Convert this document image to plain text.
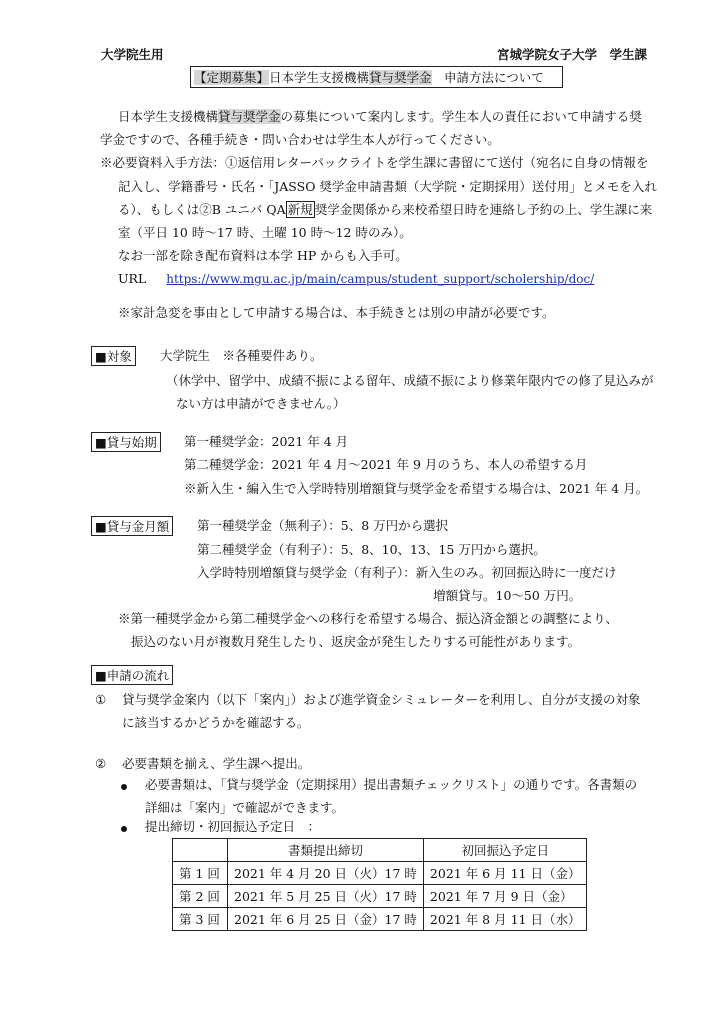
大学院生用	宮城学院女子大学　学生課
【定期募集】日本学生支援機構貸与奨学金　申請方法について
日本学生支援機構貸与奨学金の募集について案内します。学生本人の責任において申請する奨
学金ですので、各種手続き・問い合わせは学生本人が行ってください。
※必要資料入手方法：①返信用レターパックライトを学生課に書留にて送付（宛名に自身の情報を
記入し、学籍番号・氏名・「JASSO 奨学金申請書類（大学院・定期採用）送付用」とメモを入れ
る）、もしくは②B ユニバ QA 新規 奨学金関係から来校希望日時を連絡し予約の上、学生課に来
室（平日 10 時～17 時、土曜 10 時～12 時のみ）。
なお一部を除き配布資料は本学 HP からも入手可。
URL https://www.mgu.ac.jp/main/campus/student_support/scholership/doc/
※家計急変を事由として申請する場合は、本手続きとは別の申請が必要です。
■対象	大学院生　※各種要件あり。
（休学中、留学中、成績不振による留年、成績不振により修業年限内での修了見込みが
ない方は申請ができません。）
■貸与始期	第一種奨学金：2021 年 4 月
第二種奨学金：2021 年 4 月～2021 年 9 月のうち、本人の希望する月
※新入生・編入生で入学時特別増額貸与奨学金を希望する場合は、2021 年 4 月。
■貸与金月額	第一種奨学金（無利子）：5、8 万円から選択
第二種奨学金（有利子）：5、8、10、13、15 万円から選択。
入学時特別増額貸与奨学金（有利子）：新入生のみ。初回振込時に一度だけ
増額貸与。10～50 万円。
※第一種奨学金から第二種奨学金への移行を希望する場合、振込済金額との調整により、
振込のない月が複数月発生したり、返戻金が発生したりする可能性があります。
■申請の流れ
① 貸与奨学金案内（以下「案内」）および進学資金シミュレーターを利用し、自分が支援の対象
に該当するかどうかを確認する。
② 必要書類を揃え、学生課へ提出。
必要書類は、「貸与奨学金（定期採用）提出書類チェックリスト」の通りです。各書類の
詳細は「案内」で確認ができます。
提出締切・初回振込予定日　：
	書類提出締切	初回振込予定日
第 1 回	2021 年 4 月 20 日（火）17 時	2021 年 6 月 11 日（金）
第 2 回	2021 年 5 月 25 日（火）17 時	2021 年 7 月 9 日（金）
第 3 回	2021 年 6 月 25 日（金）17 時	2021 年 8 月 11 日（水）
